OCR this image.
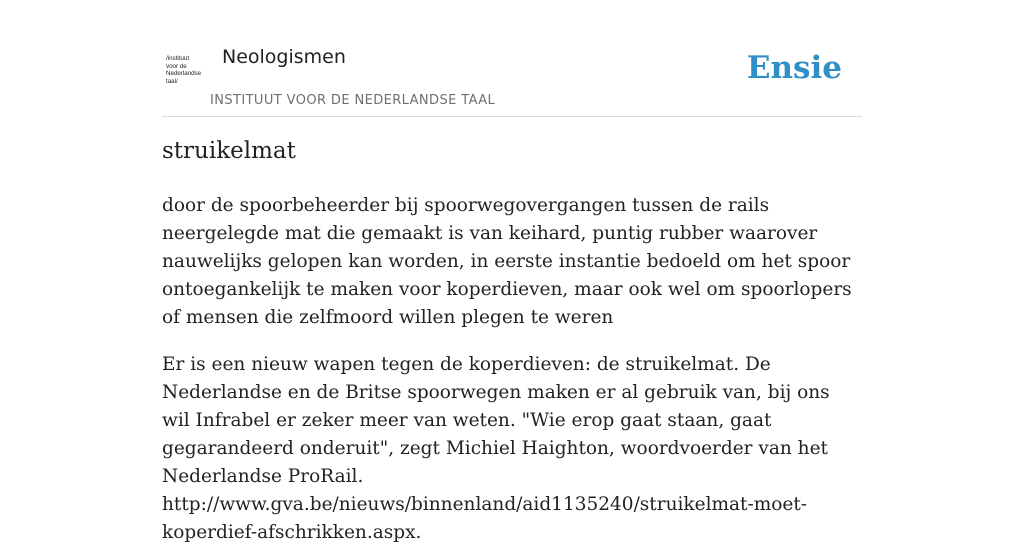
/instituut
voor de
Nederlandse
taal/
Neologismen
INSTITUUT VOOR DE NEDERLANDSE TAAL
Ensie
struikelmat

door de spoorbeheerder bij spoorwegovergangen tussen de rails neergelegde mat die gemaakt is van keihard, puntig rubber waarover nauwelijks gelopen kan worden, in eerste instantie bedoeld om het spoor ontoegankelijk te maken voor koperdieven, maar ook wel om spoorlopers of mensen die zelfmoord willen plegen te weren

Er is een nieuw wapen tegen de koperdieven: de struikelmat. De Nederlandse en de Britse spoorwegen maken er al gebruik van, bij ons wil Infrabel er zeker meer van weten. "Wie erop gaat staan, gaat gegarandeerd onderuit", zegt Michiel Haighton, woordvoerder van het Nederlandse ProRail. http://www.gva.be/nieuws/binnenland/aid1135240/struikelmat-moet-koperdief-afschrikken.aspx.
